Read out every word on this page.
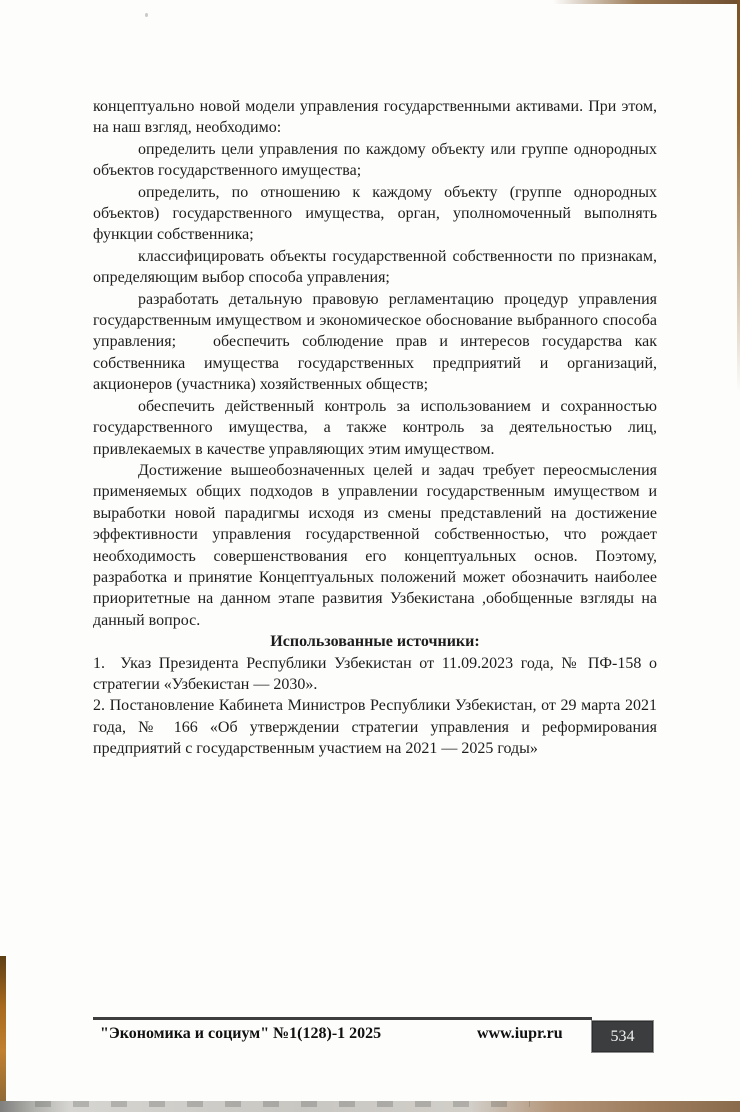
концептуально новой модели управления государственными активами. При этом, на наш взгляд, необходимо:

определить цели управления по каждому объекту или группе однородных объектов государственного имущества;

определить, по отношению к каждому объекту (группе однородных объектов) государственного имущества, орган, уполномоченный выполнять функции собственника;

классифицировать объекты государственной собственности по признакам, определяющим выбор способа управления;

разработать детальную правовую регламентацию процедур управления государственным имуществом и экономическое обоснование выбранного способа управления;   обеспечить соблюдение прав и интересов государства как собственника имущества государственных предприятий и организаций, акционеров (участника) хозяйственных обществ;

обеспечить действенный контроль за использованием и сохранностью государственного имущества, а также контроль за деятельностью лиц, привлекаемых в качестве управляющих этим имуществом.

Достижение вышеобозначенных целей и задач требует переосмысления применяемых общих подходов в управлении государственным имуществом и выработки новой парадигмы исходя из смены представлений на достижение эффективности управления государственной собственностью, что рождает необходимость совершенствования его концептуальных основ. Поэтому, разработка и принятие Концептуальных положений может обозначить наиболее приоритетные на данном этапе развития Узбекистана ,обобщенные взгляды на данный вопрос.

Использованные источники:

1.  Указ Президента Республики Узбекистан от 11.09.2023 года, № ПФ-158 о стратегии «Узбекистан — 2030».

2. Постановление Кабинета Министров Республики Узбекистан, от 29 марта 2021 года, № 166 «Об утверждении стратегии управления и реформирования предприятий с государственным участием на 2021 — 2025 годы»

"Экономика и социум" №1(128)-1 2025	www.iupr.ru	534
